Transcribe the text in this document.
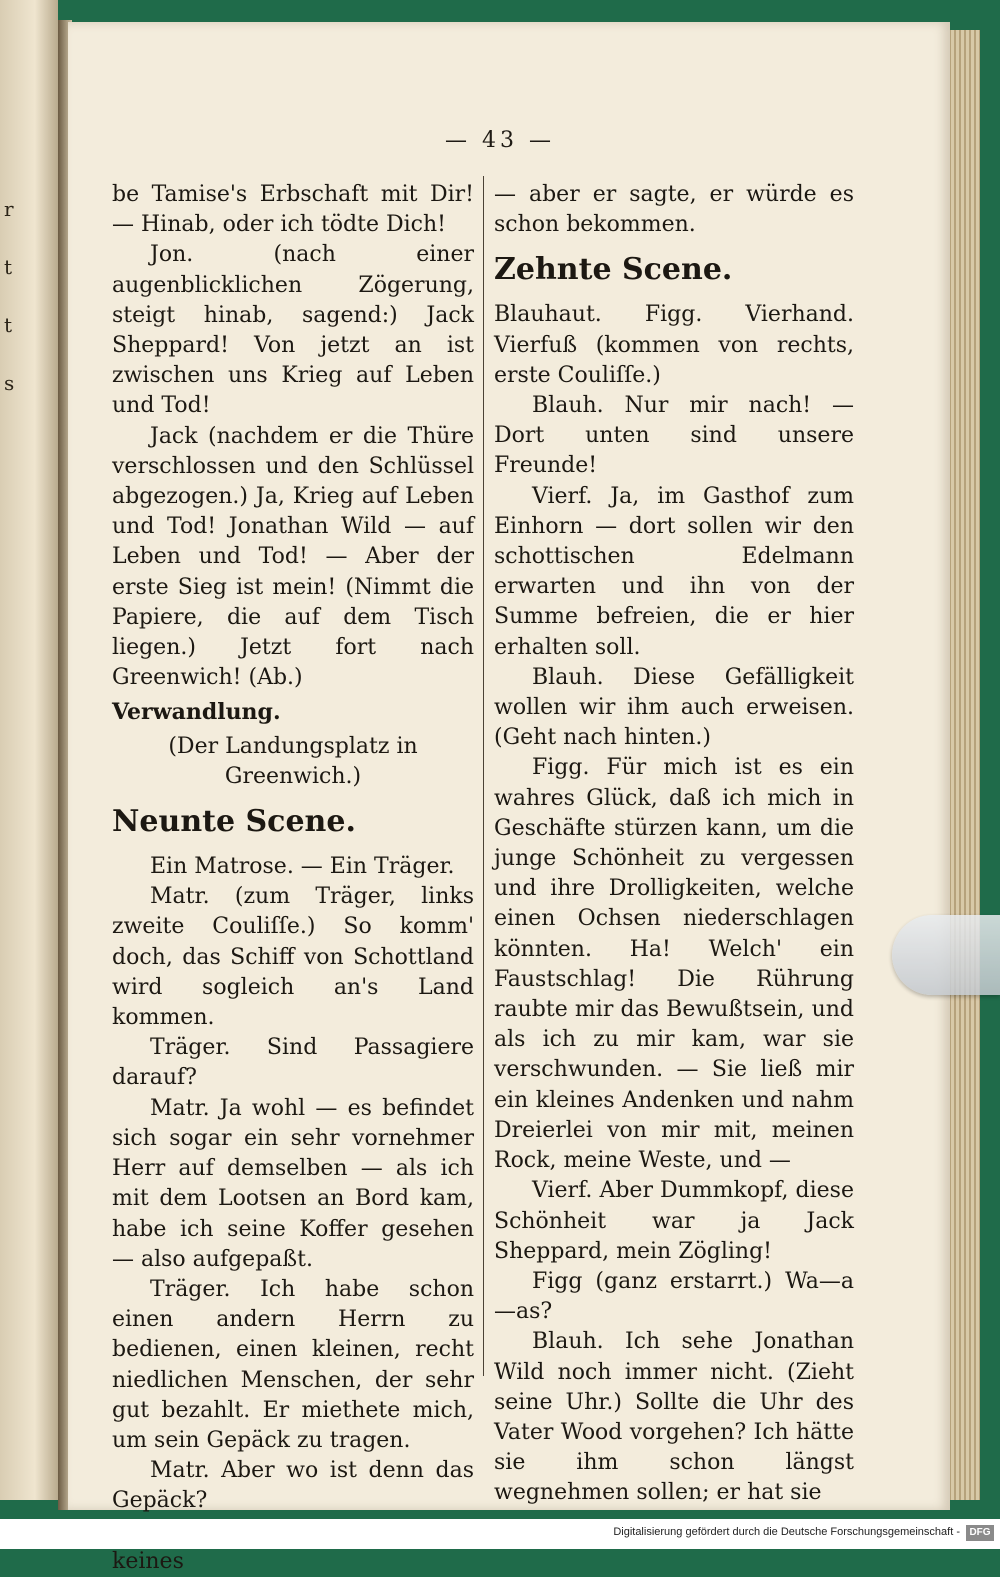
r
t
t
s
— 43 —

be Tamise's Erbschaft mit Dir! — Hinab, oder ich tödte Dich!

Jon. (nach einer augenblicklichen Zögerung, steigt hinab, sagend:) Jack Sheppard! Von jetzt an ist zwischen uns Krieg auf Leben und Tod!

Jack (nachdem er die Thüre verschlossen und den Schlüssel abgezogen.) Ja, Krieg auf Leben und Tod! Jonathan Wild — auf Leben und Tod! — Aber der erste Sieg ist mein! (Nimmt die Papiere, die auf dem Tisch liegen.) Jetzt fort nach Greenwich! (Ab.)

Verwandlung.

(Der Landungsplatz in Greenwich.)

Neunte Scene.

Ein Matrose. — Ein Träger.

Matr. (zum Träger, links zweite Couliſſe.) So komm' doch, das Schiff von Schottland wird sogleich an's Land kommen.

Träger. Sind Passagiere darauf?

Matr. Ja wohl — es befindet sich sogar ein sehr vornehmer Herr auf demselben — als ich mit dem Lootsen an Bord kam, habe ich seine Koffer gesehen — also aufgepaßt.

Träger. Ich habe schon einen andern Herrn zu bedienen, einen kleinen, recht niedlichen Menschen, der sehr gut bezahlt. Er miethete mich, um sein Gepäck zu tragen.

Matr. Aber wo ist denn das Gepäck?

keines

— aber er sagte, er würde es schon bekommen.

Zehnte Scene.

Blauhaut. Figg. Vierhand. Vierfuß (kommen von rechts, erste Couliſſe.)

Blauh. Nur mir nach! — Dort unten sind unsere Freunde!

Vierf. Ja, im Gasthof zum Einhorn — dort sollen wir den schottischen Edelmann erwarten und ihn von der Summe befreien, die er hier erhalten soll.

Blauh. Diese Gefälligkeit wollen wir ihm auch erweisen. (Geht nach hinten.)

Figg. Für mich ist es ein wahres Glück, daß ich mich in Geschäfte stürzen kann, um die junge Schönheit zu vergessen und ihre Drolligkeiten, welche einen Ochsen niederschlagen könnten. Ha! Welch' ein Faustschlag! Die Rührung raubte mir das Bewußtsein, und als ich zu mir kam, war sie verschwunden. — Sie ließ mir ein kleines Andenken und nahm Dreierlei von mir mit, meinen Rock, meine Weste, und —

Vierf. Aber Dummkopf, diese Schönheit war ja Jack Sheppard, mein Zögling!

Figg (ganz erstarrt.) Wa—a—as?

Blauh. Ich sehe Jonathan Wild noch immer nicht. (Zieht seine Uhr.) Sollte die Uhr des Vater Wood vorgehen? Ich hätte sie ihm schon längst wegnehmen sollen; er hat sie

Digitalisierung gefördert durch die Deutsche Forschungsgemeinschaft - DFG
